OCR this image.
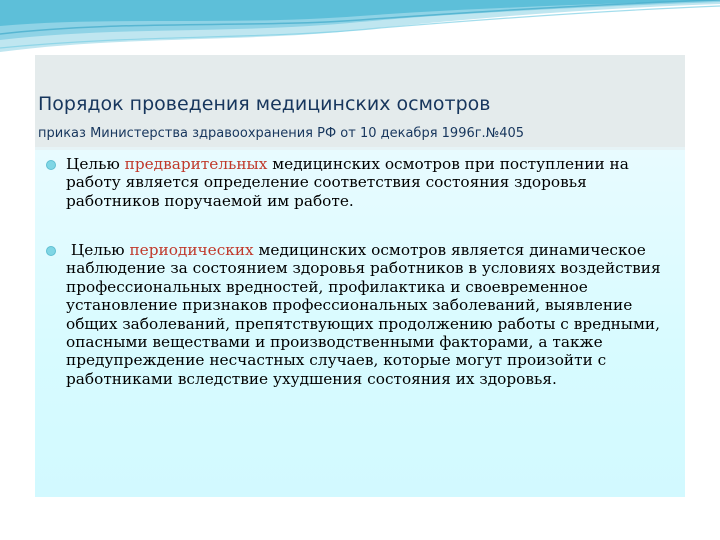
Порядок проведения медицинских осмотров
приказ Министерства здравоохранения РФ от 10 декабря 1996г.№405
Целью предварительных медицинских осмотров при поступлении на работу является определение соответствия состояния здоровья работников поручаемой им работе.
Целью периодических медицинских осмотров является динамическое наблюдение за состоянием здоровья работников в условиях воздействия профессиональных вредностей, профилактика и своевременное установление признаков профессиональных заболеваний, выявление общих заболеваний, препятствующих продолжению работы с вредными, опасными веществами и производственными факторами, а также предупреждение несчастных случаев, которые могут произойти с работниками вследствие ухудшения состояния их здоровья.
